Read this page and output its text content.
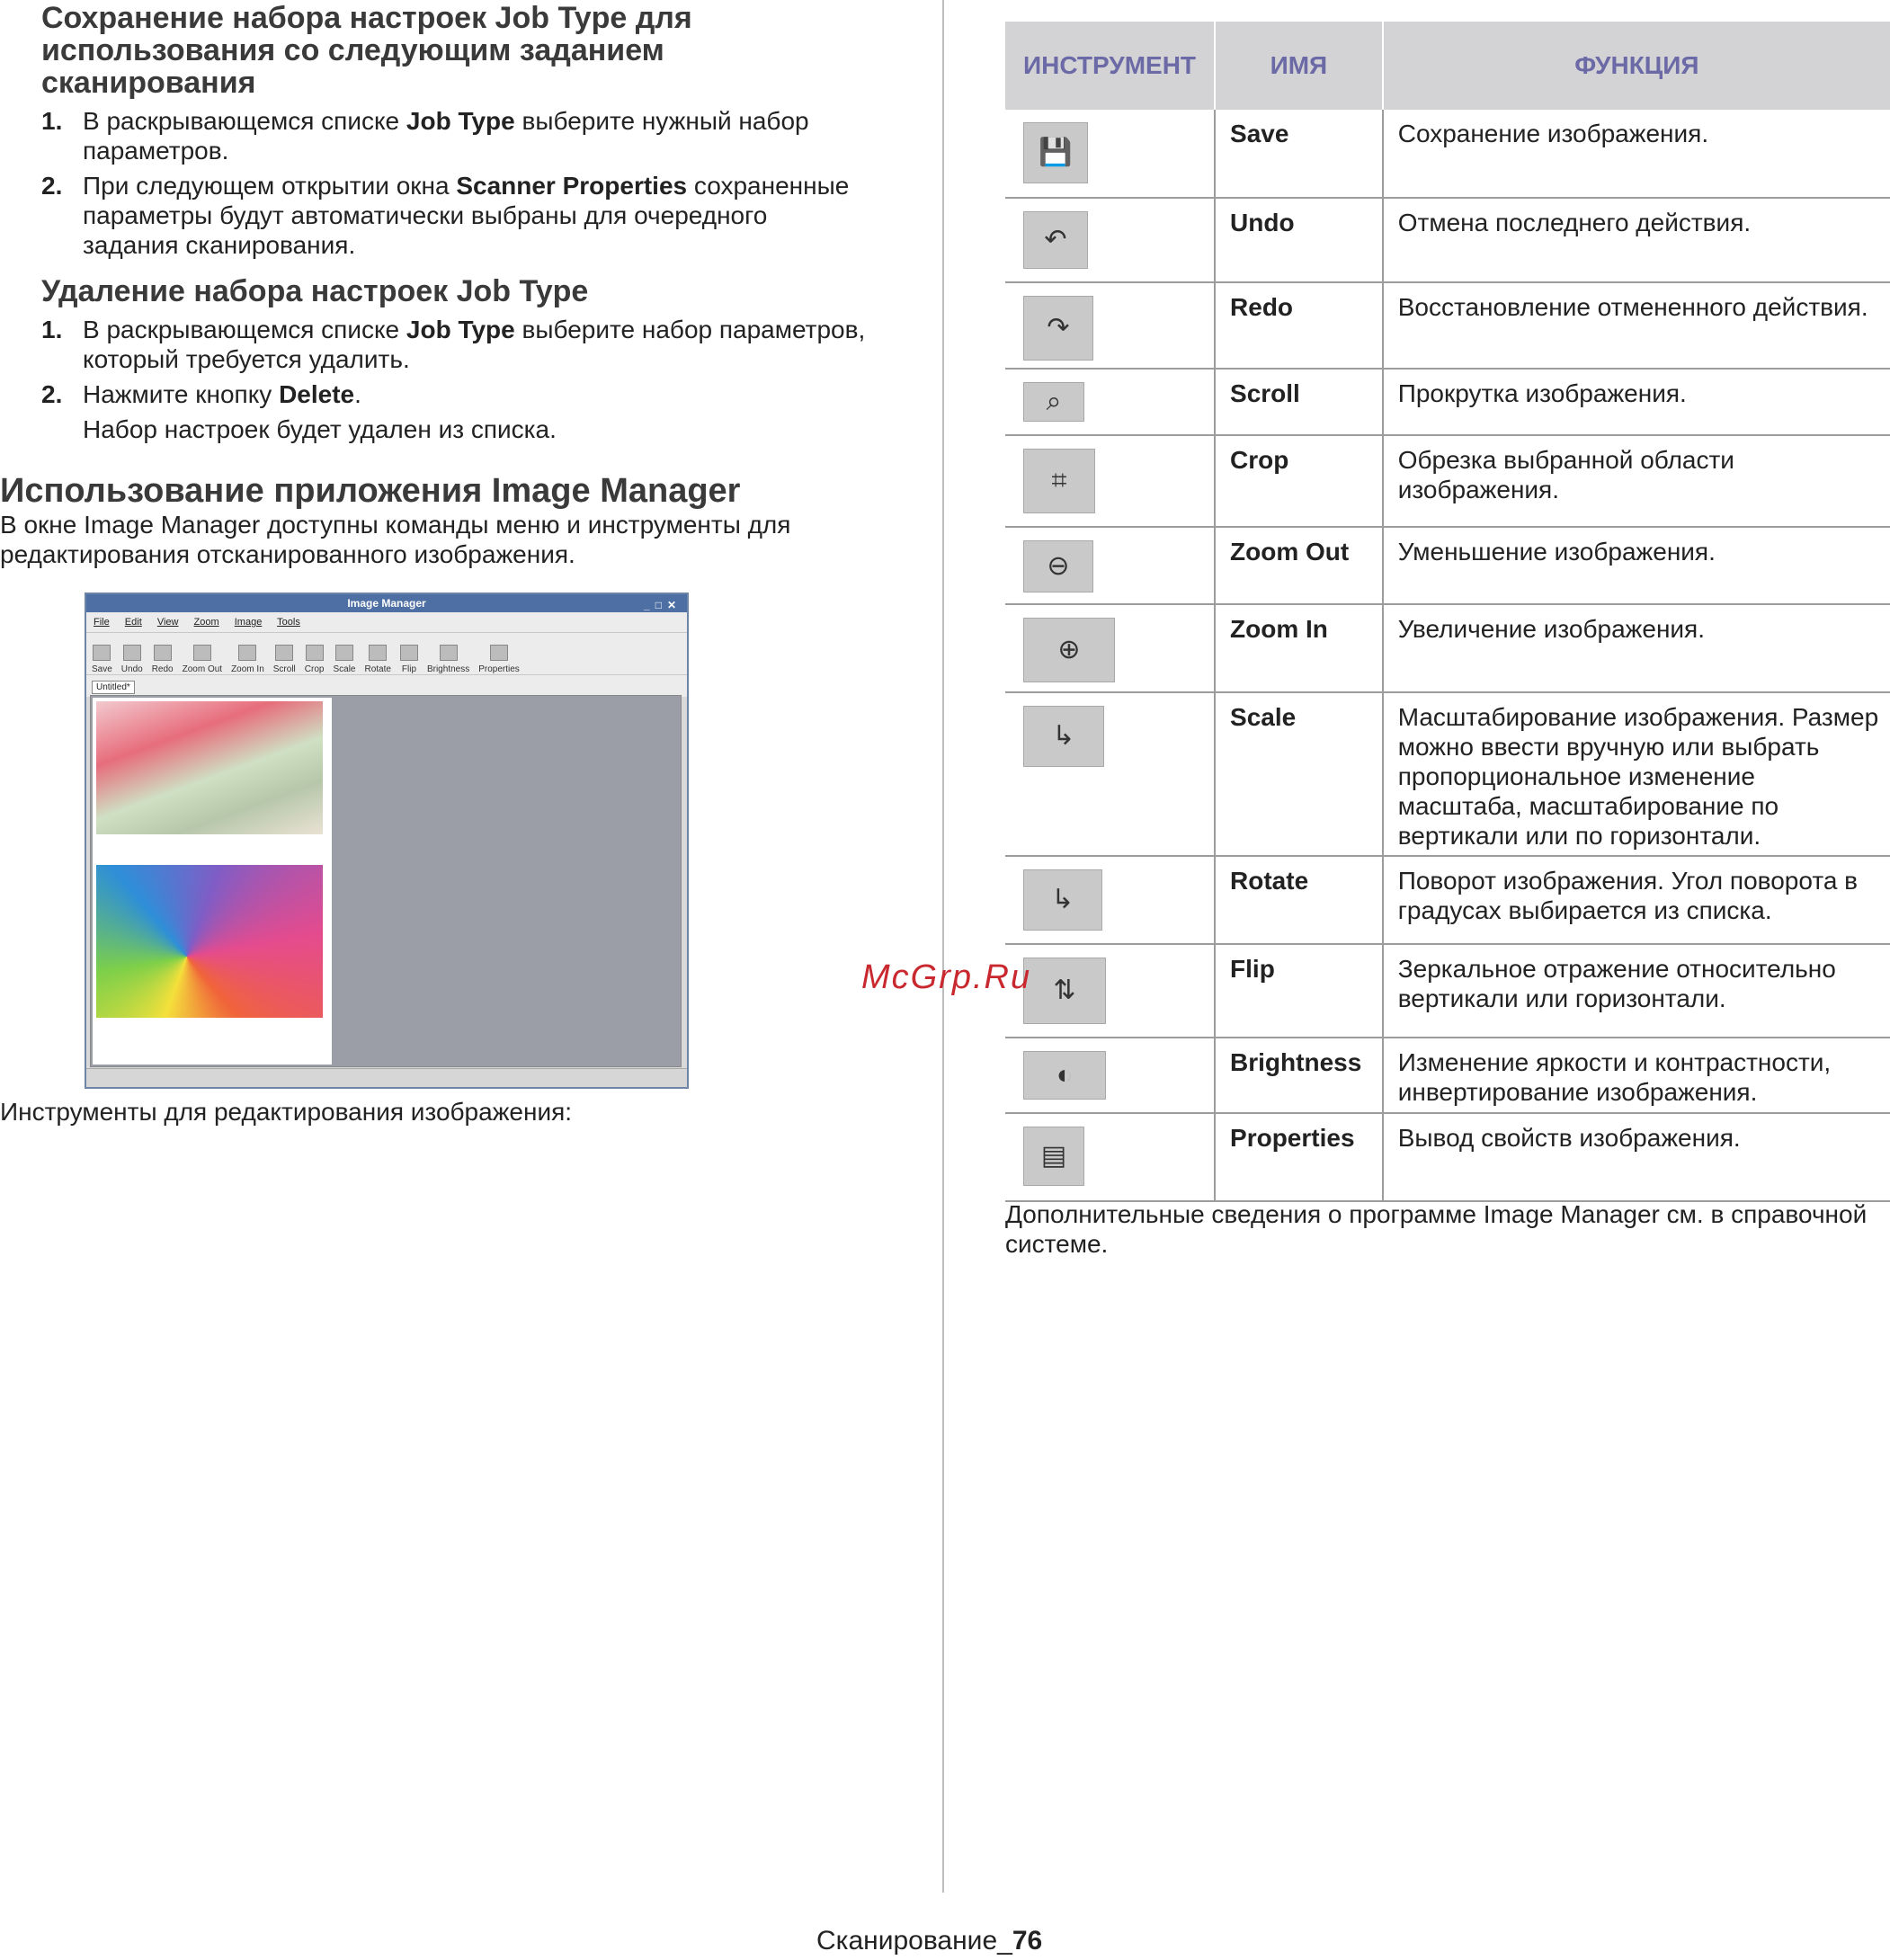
Сохранение набора настроек Job Type для использования со следующим заданием сканирования
1. В раскрывающемся списке Job Type выберите нужный набор параметров.
2. При следующем открытии окна Scanner Properties сохраненные параметры будут автоматически выбраны для очередного задания сканирования.
Удаление набора настроек Job Type
1. В раскрывающемся списке Job Type выберите набор параметров, который требуется удалить.
2. Нажмите кнопку Delete.

Набор настроек будет удален из списка.

Использование приложения Image Manager

В окне Image Manager доступны команды меню и инструменты для редактирования отсканированного изображения.

Image Manager	_□✕
File Edit View Zoom Image Tools
Save Undo Redo Zoom Out Zoom In Scroll Crop Scale Rotate Flip Brightness Properties
Untitled*

Инструменты для редактирования изображения:

ИНСТРУМЕНТ	ИМЯ	ФУНКЦИЯ
💾	Save	Сохранение изображения.
↶	Undo	Отмена последнего действия.
↷	Redo	Восстановление отмененного действия.
⌕	Scroll	Прокрутка изображения.
⌗	Crop	Обрезка выбранной области изображения.
⊖	Zoom Out	Уменьшение изображения.
⊕	Zoom In	Увеличение изображения.
↳	Scale	Масштабирование изображения. Размер можно ввести вручную или выбрать пропорциональное изменение масштаба, масштабирование по вертикали или по горизонтали.
↳	Rotate	Поворот изображения. Угол поворота в градусах выбирается из списка.
⇅	Flip	Зеркальное отражение относительно вертикали или горизонтали.
◐	Brightness	Изменение яркости и контрастности, инвертирование изображения.
▤	Properties	Вывод свойств изображения.

Дополнительные сведения о программе Image Manager см. в справочной системе.

McGrp.Ru
Сканирование_76
